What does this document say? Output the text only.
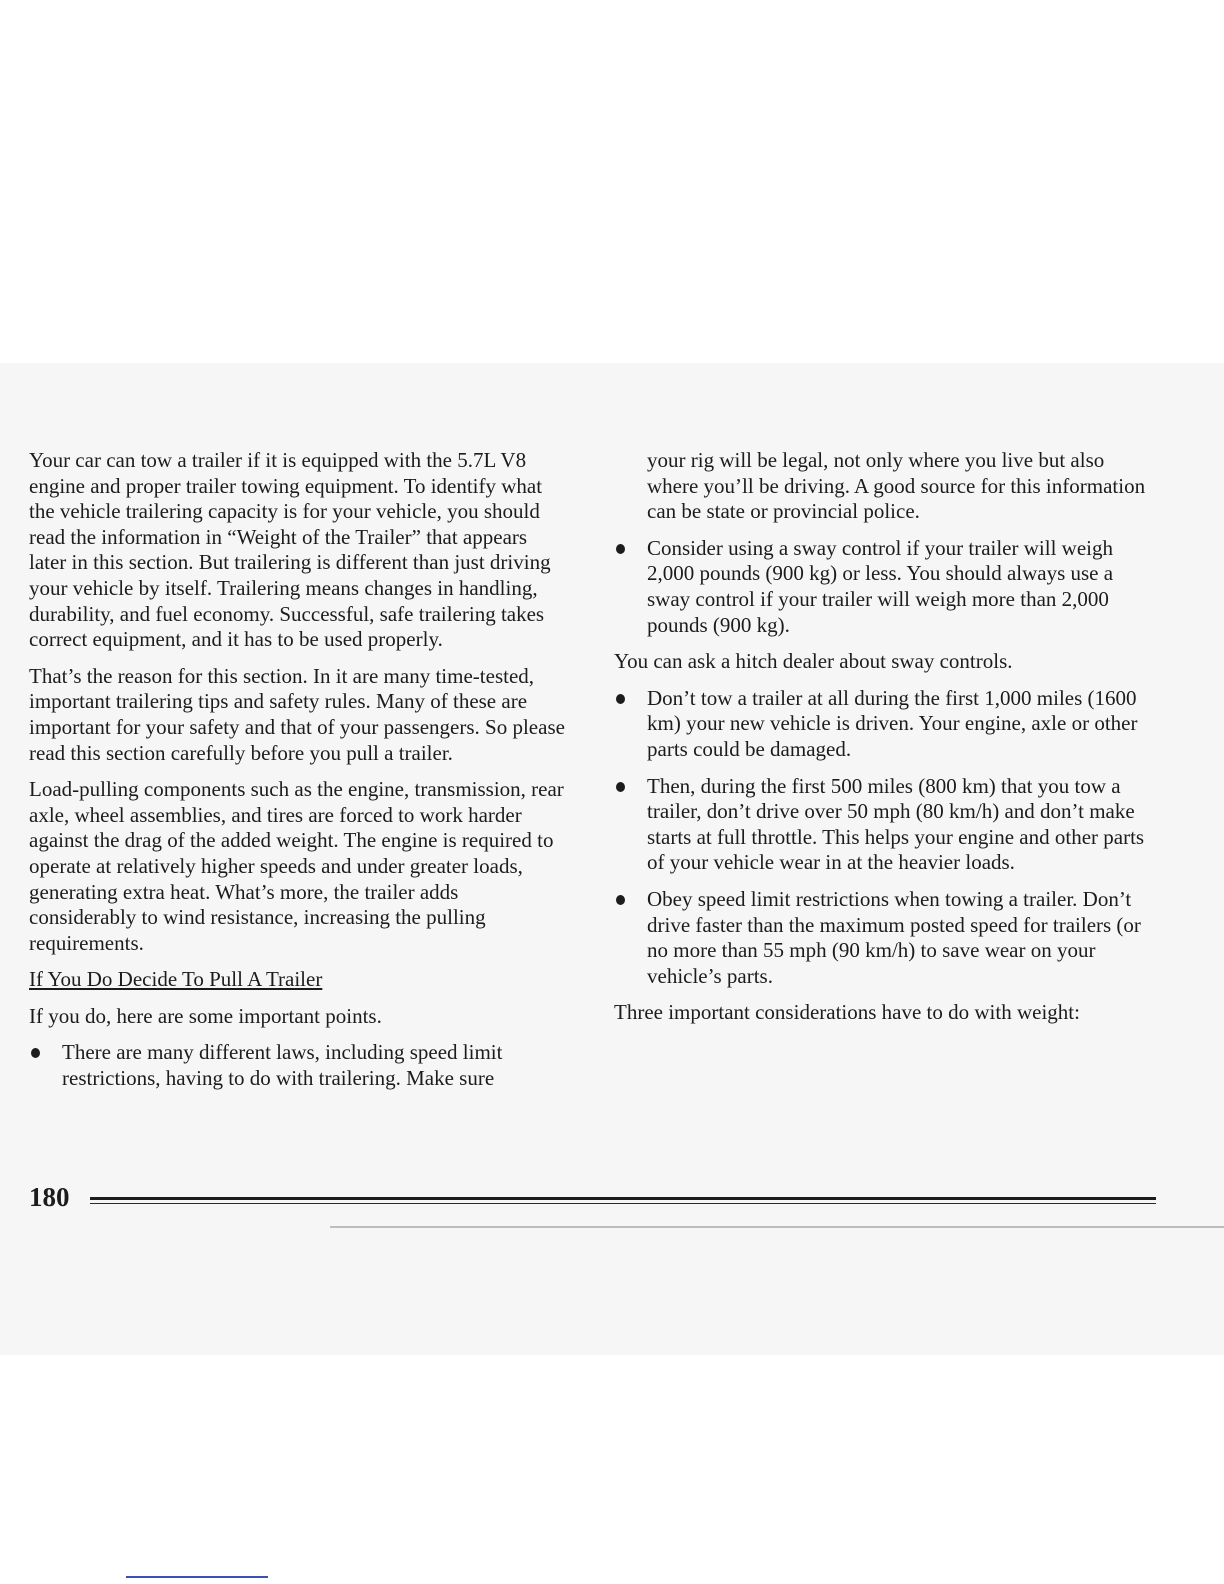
Your car can tow a trailer if it is equipped with the 5.7L V8 engine and proper trailer towing equipment. To identify what the vehicle trailering capacity is for your vehicle, you should read the information in “Weight of the Trailer” that appears later in this section. But trailering is different than just driving your vehicle by itself. Trailering means changes in handling, durability, and fuel economy. Successful, safe trailering takes correct equipment, and it has to be used properly.

That’s the reason for this section. In it are many time-tested, important trailering tips and safety rules. Many of these are important for your safety and that of your passengers. So please read this section carefully before you pull a trailer.

Load-pulling components such as the engine, transmission, rear axle, wheel assemblies, and tires are forced to work harder against the drag of the added weight. The engine is required to operate at relatively higher speeds and under greater loads, generating extra heat. What’s more, the trailer adds considerably to wind resistance, increasing the pulling requirements.

If You Do Decide To Pull A Trailer

If you do, here are some important points.

There are many different laws, including speed limit restrictions, having to do with trailering. Make sure

your rig will be legal, not only where you live but also where you’ll be driving. A good source for this information can be state or provincial police.

Consider using a sway control if your trailer will weigh 2,000 pounds (900 kg) or less. You should always use a sway control if your trailer will weigh more than 2,000 pounds (900 kg).

You can ask a hitch dealer about sway controls.

Don’t tow a trailer at all during the first 1,000 miles (1600 km) your new vehicle is driven. Your engine, axle or other parts could be damaged.
Then, during the first 500 miles (800 km) that you tow a trailer, don’t drive over 50 mph (80 km/h) and don’t make starts at full throttle. This helps your engine and other parts of your vehicle wear in at the heavier loads.
Obey speed limit restrictions when towing a trailer. Don’t drive faster than the maximum posted speed for trailers (or no more than 55 mph (90 km/h) to save wear on your vehicle’s parts.

Three important considerations have to do with weight:

180
